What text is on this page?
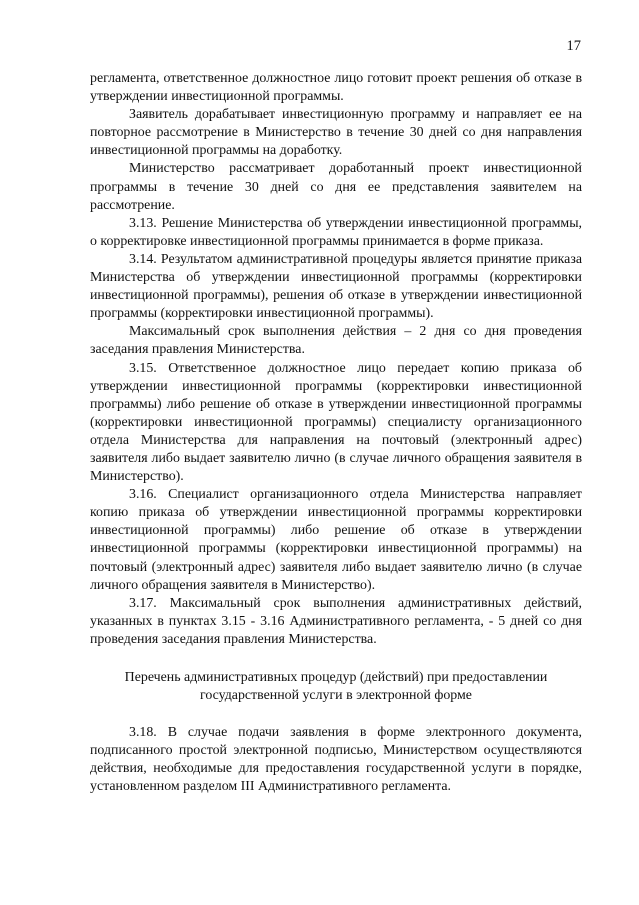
17

регламента, ответственное должностное лицо готовит проект решения об отказе в утверждении инвестиционной программы.

Заявитель дорабатывает инвестиционную программу и направляет ее на повторное рассмотрение в Министерство в течение 30 дней со дня направления инвестиционной программы на доработку.

Министерство рассматривает доработанный проект инвестиционной программы в течение 30 дней со дня ее представления заявителем на рассмотрение.

3.13. Решение Министерства об утверждении инвестиционной программы, о корректировке инвестиционной программы принимается в форме приказа.

3.14. Результатом административной процедуры является принятие приказа Министерства об утверждении инвестиционной программы (корректировки инвестиционной программы), решения об отказе в утверждении инвестиционной программы (корректировки инвестиционной программы).

Максимальный срок выполнения действия – 2 дня со дня проведения заседания правления Министерства.

3.15. Ответственное должностное лицо передает копию приказа об утверждении инвестиционной программы (корректировки инвестиционной программы) либо решение об отказе в утверждении инвестиционной программы (корректировки инвестиционной программы) специалисту организационного отдела Министерства для направления на почтовый (электронный адрес) заявителя либо выдает заявителю лично (в случае личного обращения заявителя в Министерство).

3.16. Специалист организационного отдела Министерства направляет копию приказа об утверждении инвестиционной программы корректировки инвестиционной программы) либо решение об отказе в утверждении инвестиционной программы (корректировки инвестиционной программы) на почтовый (электронный адрес) заявителя либо выдает заявителю лично (в случае личного обращения заявителя в Министерство).

3.17. Максимальный срок выполнения административных действий, указанных в пунктах 3.15 - 3.16 Административного регламента, - 5 дней со дня проведения заседания правления Министерства.

Перечень административных процедур (действий) при предоставлении
государственной услуги в электронной форме

3.18. В случае подачи заявления в форме электронного документа, подписанного простой электронной подписью, Министерством осуществляются действия, необходимые для предоставления государственной услуги в порядке, установленном разделом III Административного регламента.
